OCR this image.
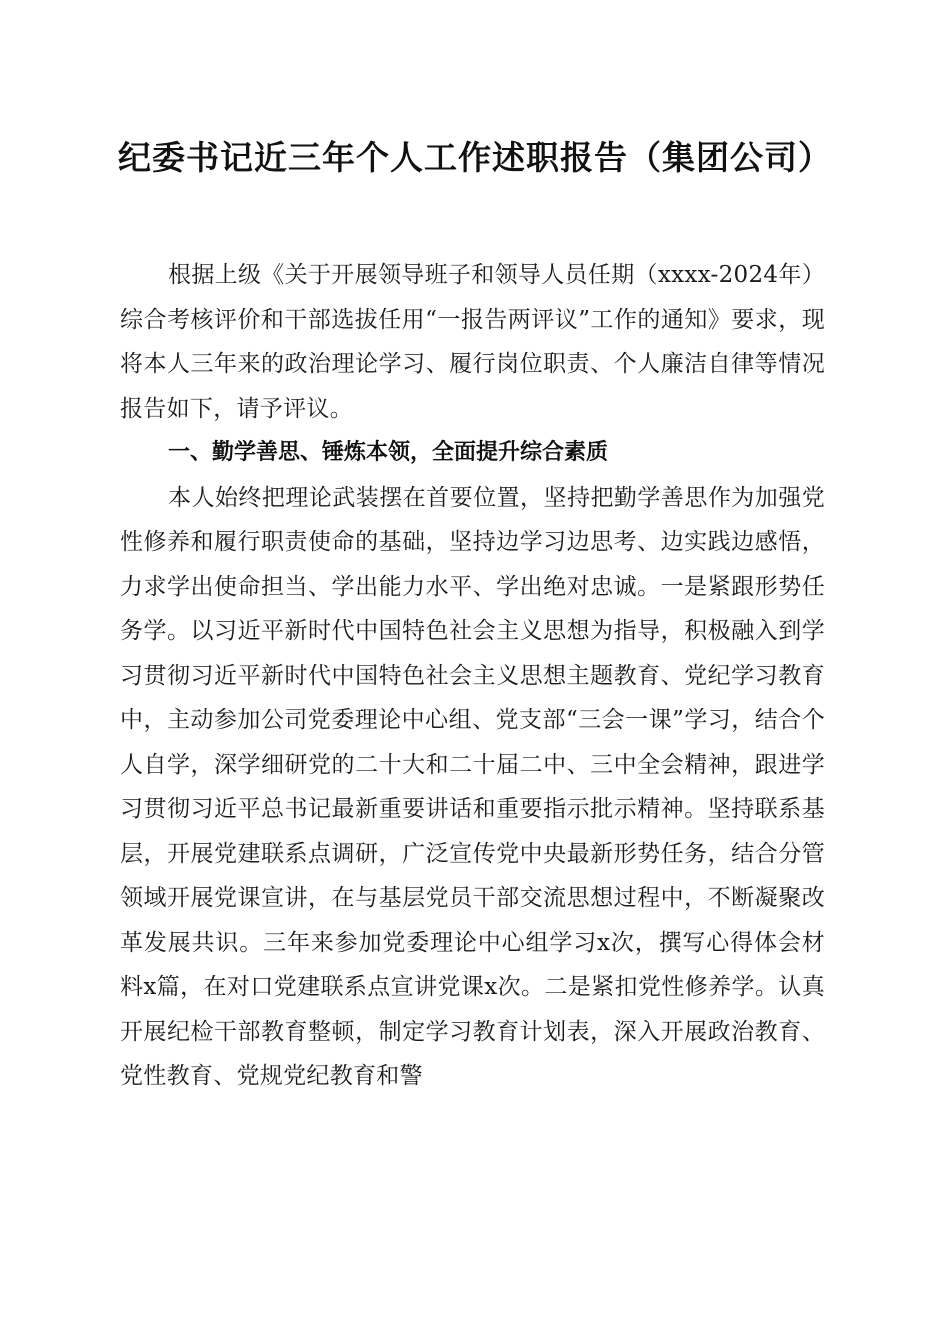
纪委书记近三年个人工作述职报告（集团公司）

根据上级《关于开展领导班子和领导人员任期（xxxx-2024年）综合考核评价和干部选拔任用“一报告两评议”工作的通知》要求，现将本人三年来的政治理论学习、履行岗位职责、个人廉洁自律等情况报告如下，请予评议。

一、勤学善思、锤炼本领，全面提升综合素质

本人始终把理论武装摆在首要位置，坚持把勤学善思作为加强党性修养和履行职责使命的基础，坚持边学习边思考、边实践边感悟，力求学出使命担当、学出能力水平、学出绝对忠诚。一是紧跟形势任务学。以习近平新时代中国特色社会主义思想为指导，积极融入到学习贯彻习近平新时代中国特色社会主义思想主题教育、党纪学习教育中，主动参加公司党委理论中心组、党支部“三会一课”学习，结合个人自学，深学细研党的二十大和二十届二中、三中全会精神，跟进学习贯彻习近平总书记最新重要讲话和重要指示批示精神。坚持联系基层，开展党建联系点调研，广泛宣传党中央最新形势任务，结合分管领域开展党课宣讲，在与基层党员干部交流思想过程中，不断凝聚改革发展共识。三年来参加党委理论中心组学习x次，撰写心得体会材料x篇，在对口党建联系点宣讲党课x次。二是紧扣党性修养学。认真开展纪检干部教育整顿，制定学习教育计划表，深入开展政治教育、党性教育、党规党纪教育和警
